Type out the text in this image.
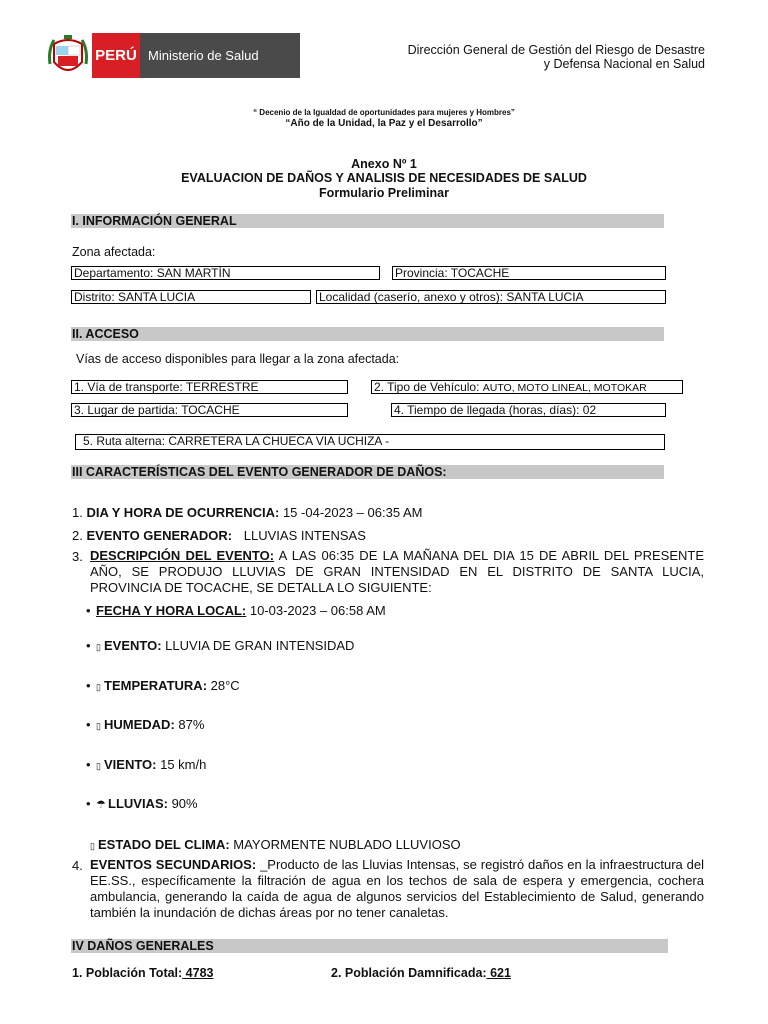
PERÚ Ministerio de Salud	Dirección General de Gestión del Riesgo de Desastre
y Defensa Nacional en Salud
“ Decenio de la Igualdad de oportunidades para mujeres y Hombres”
“Año de la Unidad, la Paz y el Desarrollo”
Anexo Nº 1
EVALUACION DE DAÑOS Y ANALISIS DE NECESIDADES DE SALUD
Formulario Preliminar
I. INFORMACIÓN GENERAL
Zona afectada:
Departamento: SAN MARTÍN	Provincia: TOCACHE
Distrito: SANTA LUCIA	Localidad (caserío, anexo y otros): SANTA LUCIA
II. ACCESO
Vías de acceso disponibles para llegar a la zona afectada:
1. Vía de transporte: TERRESTRE	2. Tipo de Vehículo: AUTO, MOTO LINEAL, MOTOKAR
3. Lugar de partida: TOCACHE	4. Tiempo de llegada (horas, días): 02
5. Ruta alterna: CARRETERA LA CHUECA VIA UCHIZA -
III CARACTERÍSTICAS DEL EVENTO GENERADOR DE DAÑOS:
1. DIA Y HORA DE OCURRENCIA: 15 -04-2023 – 06:35 AM
2. EVENTO GENERADOR: LLUVIAS INTENSAS
3. DESCRIPCIÓN DEL EVENTO: A LAS 06:35 DE LA MAÑANA DEL DIA 15 DE ABRIL DEL PRESENTE AÑO, SE PRODUJO LLUVIAS DE GRAN INTENSIDAD EN EL DISTRITO DE SANTA LUCIA, PROVINCIA DE TOCACHE, SE DETALLA LO SIGUIENTE:
• FECHA Y HORA LOCAL: 10-03-2023 – 06:58 AM
• ▯ EVENTO: LLUVIA DE GRAN INTENSIDAD
• ▯ TEMPERATURA: 28°C
• ▯ HUMEDAD: 87%
• ▯ VIENTO: 15 km/h
• ☂ LLUVIAS: 90%
▯ ESTADO DEL CLIMA: MAYORMENTE NUBLADO LLUVIOSO
4. EVENTOS SECUNDARIOS: _Producto de las Lluvias Intensas, se registró daños en la infraestructura del EE.SS., específicamente la filtración de agua en los techos de sala de espera y emergencia, cochera ambulancia, generando la caída de agua de algunos servicios del Establecimiento de Salud, generando también la inundación de dichas áreas por no tener canaletas.
IV DAÑOS GENERALES
1. Población Total: 4783	2. Población Damnificada: 621
